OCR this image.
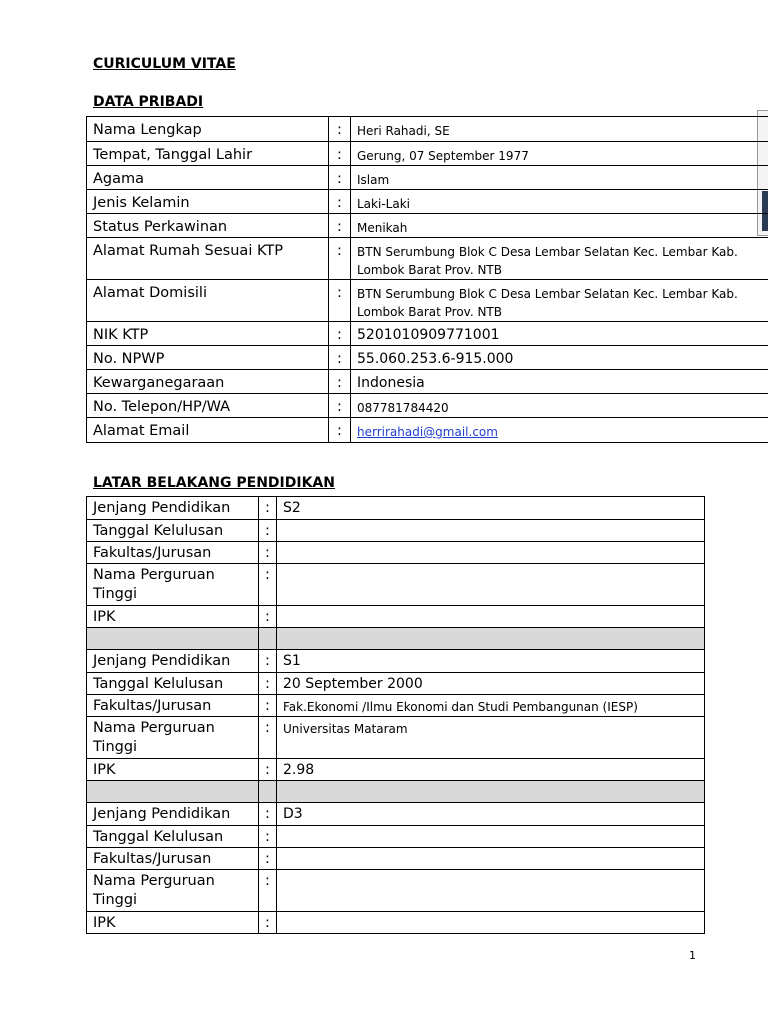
CURICULUM VITAE
DATA PRIBADI
Nama Lengkap	:	Heri Rahadi, SE
Tempat, Tanggal Lahir	:	Gerung, 07 September 1977
Agama	:	Islam
Jenis Kelamin	:	Laki-Laki
Status Perkawinan	:	Menikah
Alamat Rumah Sesuai KTP	:	BTN Serumbung Blok C Desa Lembar Selatan Kec. Lembar Kab. Lombok Barat Prov. NTB
Alamat Domisili	:	BTN Serumbung Blok C Desa Lembar Selatan Kec. Lembar Kab. Lombok Barat Prov. NTB
NIK KTP	:	5201010909771001
No. NPWP	:	55.060.253.6-915.000
Kewarganegaraan	:	Indonesia
No. Telepon/HP/WA	:	087781784420
Alamat Email	:	herrirahadi@gmail.com
LATAR BELAKANG PENDIDIKAN
Jenjang Pendidikan	:	S2
Tanggal Kelulusan	:	
Fakultas/Jurusan	:	
Nama Perguruan Tinggi	:	
IPK	:	

Jenjang Pendidikan	:	S1
Tanggal Kelulusan	:	20 September 2000
Fakultas/Jurusan	:	Fak.Ekonomi /Ilmu Ekonomi dan Studi Pembangunan (IESP)
Nama Perguruan Tinggi	:	Universitas Mataram
IPK	:	2.98

Jenjang Pendidikan	:	D3
Tanggal Kelulusan	:	
Fakultas/Jurusan	:	
Nama Perguruan Tinggi	:	
IPK	:	
1
